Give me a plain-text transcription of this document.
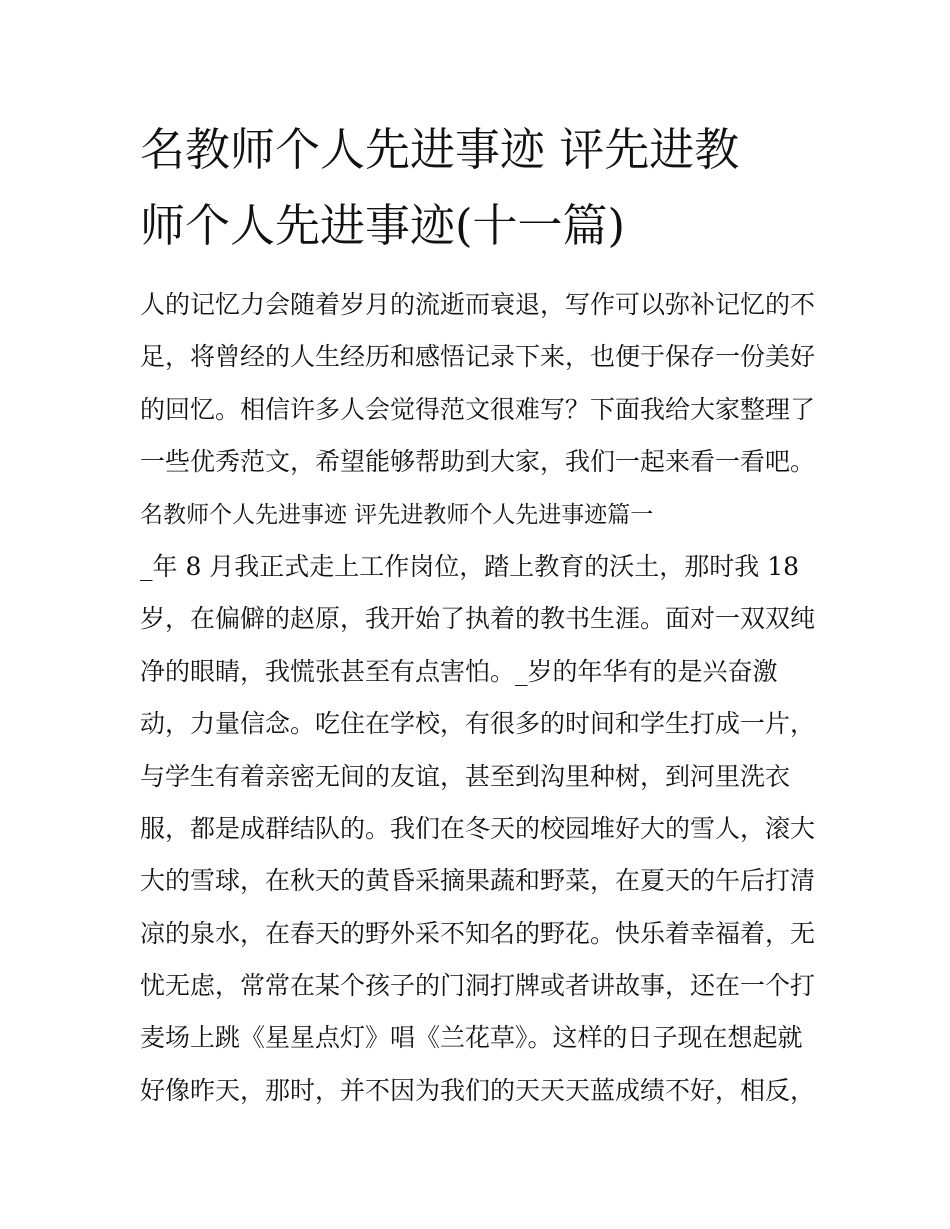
名教师个人先进事迹 评先进教
师个人先进事迹(十一篇)
人的记忆力会随着岁月的流逝而衰退，写作可以弥补记忆的不
足，将曾经的人生经历和感悟记录下来，也便于保存一份美好
的回忆。相信许多人会觉得范文很难写？下面我给大家整理了
一些优秀范文，希望能够帮助到大家，我们一起来看一看吧。
名教师个人先进事迹 评先进教师个人先进事迹篇一
_年 8 月我正式走上工作岗位，踏上教育的沃土，那时我 18
岁，在偏僻的赵原，我开始了执着的教书生涯。面对一双双纯
净的眼睛，我慌张甚至有点害怕。_岁的年华有的是兴奋激
动，力量信念。吃住在学校，有很多的时间和学生打成一片，
与学生有着亲密无间的友谊，甚至到沟里种树，到河里洗衣
服，都是成群结队的。我们在冬天的校园堆好大的雪人，滚大
大的雪球，在秋天的黄昏采摘果蔬和野菜，在夏天的午后打清
凉的泉水，在春天的野外采不知名的野花。快乐着幸福着，无
忧无虑，常常在某个孩子的门洞打牌或者讲故事，还在一个打
麦场上跳《星星点灯》唱《兰花草》。这样的日子现在想起就
好像昨天，那时，并不因为我们的天天天蓝成绩不好，相反，
